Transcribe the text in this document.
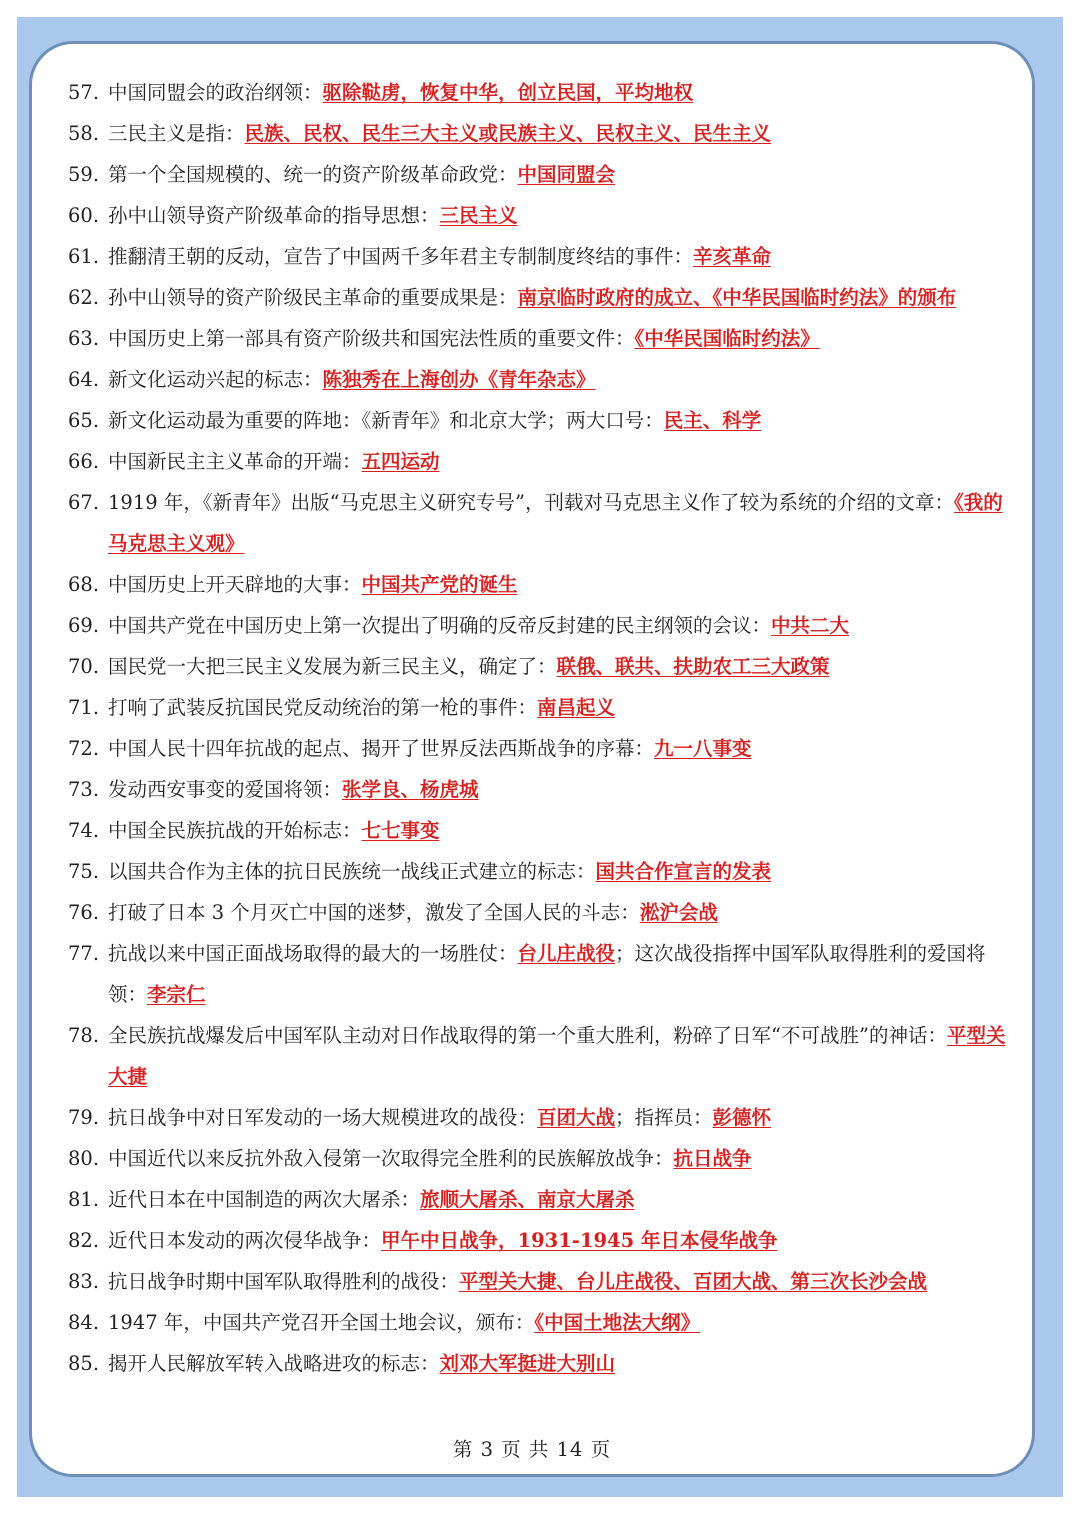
57. 中国同盟会的政治纲领：驱除鞑虏，恢复中华，创立民国，平均地权
58. 三民主义是指：民族、民权、民生三大主义或民族主义、民权主义、民生主义
59. 第一个全国规模的、统一的资产阶级革命政党：中国同盟会
60. 孙中山领导资产阶级革命的指导思想：三民主义
61. 推翻清王朝的反动，宣告了中国两千多年君主专制制度终结的事件：辛亥革命
62. 孙中山领导的资产阶级民主革命的重要成果是：南京临时政府的成立、《中华民国临时约法》的颁布
63. 中国历史上第一部具有资产阶级共和国宪法性质的重要文件：《中华民国临时约法》
64. 新文化运动兴起的标志：陈独秀在上海创办《青年杂志》
65. 新文化运动最为重要的阵地：《新青年》和北京大学；两大口号：民主、科学
66. 中国新民主主义革命的开端：五四运动
67. 1919 年，《新青年》出版“马克思主义研究专号”，刊载对马克思主义作了较为系统的介绍的文章：《我的马克思主义观》
68. 中国历史上开天辟地的大事：中国共产党的诞生
69. 中国共产党在中国历史上第一次提出了明确的反帝反封建的民主纲领的会议：中共二大
70. 国民党一大把三民主义发展为新三民主义，确定了：联俄、联共、扶助农工三大政策
71. 打响了武装反抗国民党反动统治的第一枪的事件：南昌起义
72. 中国人民十四年抗战的起点、揭开了世界反法西斯战争的序幕：九一八事变
73. 发动西安事变的爱国将领：张学良、杨虎城
74. 中国全民族抗战的开始标志：七七事变
75. 以国共合作为主体的抗日民族统一战线正式建立的标志：国共合作宣言的发表
76. 打破了日本 3 个月灭亡中国的迷梦，激发了全国人民的斗志：淞沪会战
77. 抗战以来中国正面战场取得的最大的一场胜仗：台儿庄战役；这次战役指挥中国军队取得胜利的爱国将领：李宗仁
78. 全民族抗战爆发后中国军队主动对日作战取得的第一个重大胜利，粉碎了日军“不可战胜”的神话：平型关大捷
79. 抗日战争中对日军发动的一场大规模进攻的战役：百团大战；指挥员：彭德怀
80. 中国近代以来反抗外敌入侵第一次取得完全胜利的民族解放战争：抗日战争
81. 近代日本在中国制造的两次大屠杀：旅顺大屠杀、南京大屠杀
82. 近代日本发动的两次侵华战争：甲午中日战争，1931-1945 年日本侵华战争
83. 抗日战争时期中国军队取得胜利的战役：平型关大捷、台儿庄战役、百团大战、第三次长沙会战
84. 1947 年，中国共产党召开全国土地会议，颁布：《中国土地法大纲》
85. 揭开人民解放军转入战略进攻的标志：刘邓大军挺进大别山
第 3 页 共 14 页
